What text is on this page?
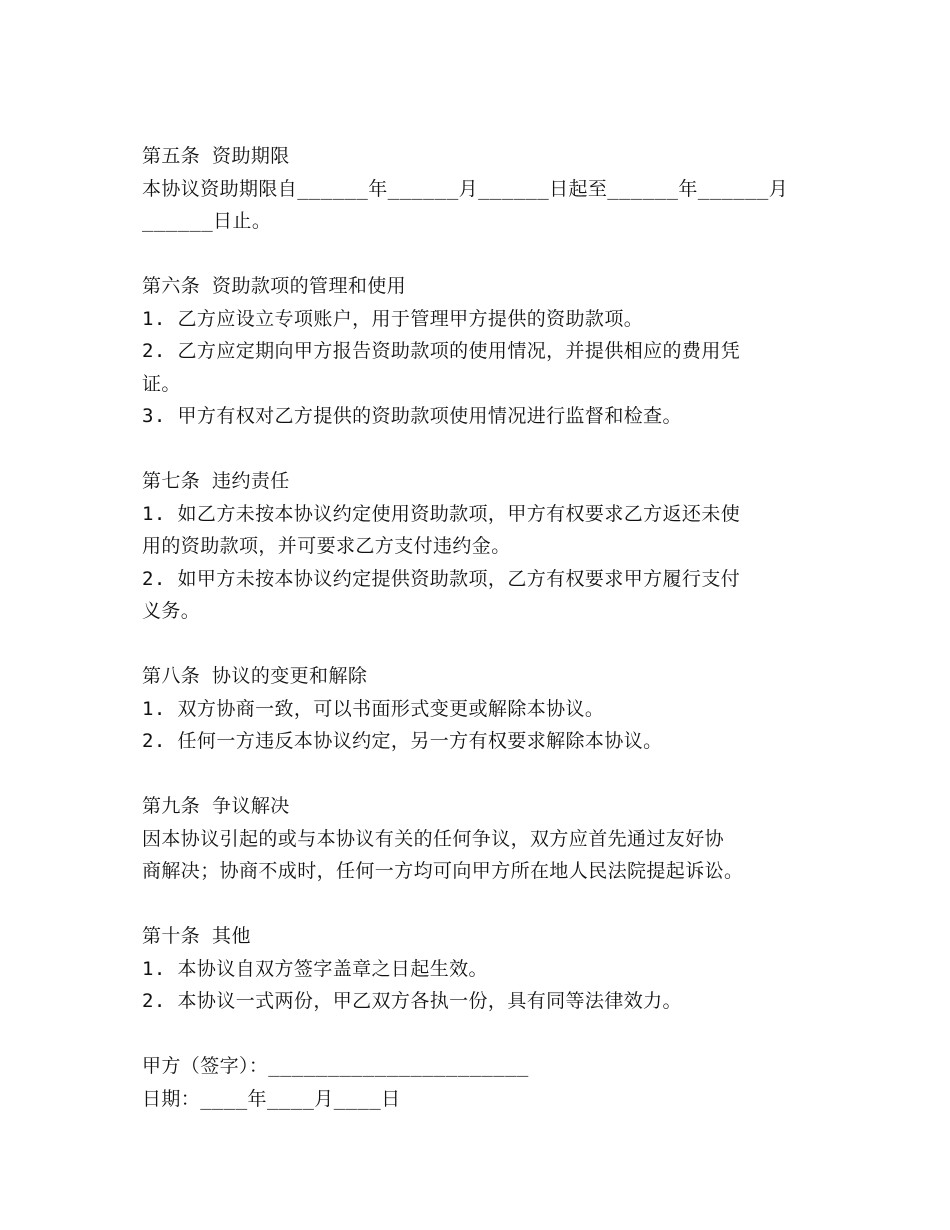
第五条 资助期限
本协议资助期限自______年______月______日起至______年______月
______日止。
第六条 资助款项的管理和使用
1. 乙方应设立专项账户，用于管理甲方提供的资助款项。
2. 乙方应定期向甲方报告资助款项的使用情况，并提供相应的费用凭
证。
3. 甲方有权对乙方提供的资助款项使用情况进行监督和检查。
第七条 违约责任
1. 如乙方未按本协议约定使用资助款项，甲方有权要求乙方返还未使
用的资助款项，并可要求乙方支付违约金。
2. 如甲方未按本协议约定提供资助款项，乙方有权要求甲方履行支付
义务。
第八条 协议的变更和解除
1. 双方协商一致，可以书面形式变更或解除本协议。
2. 任何一方违反本协议约定，另一方有权要求解除本协议。
第九条 争议解决
因本协议引起的或与本协议有关的任何争议，双方应首先通过友好协
商解决；协商不成时，任何一方均可向甲方所在地人民法院提起诉讼。
第十条 其他
1. 本协议自双方签字盖章之日起生效。
2. 本协议一式两份，甲乙双方各执一份，具有同等法律效力。
甲方（签字）：______________________
日期：____年____月____日
